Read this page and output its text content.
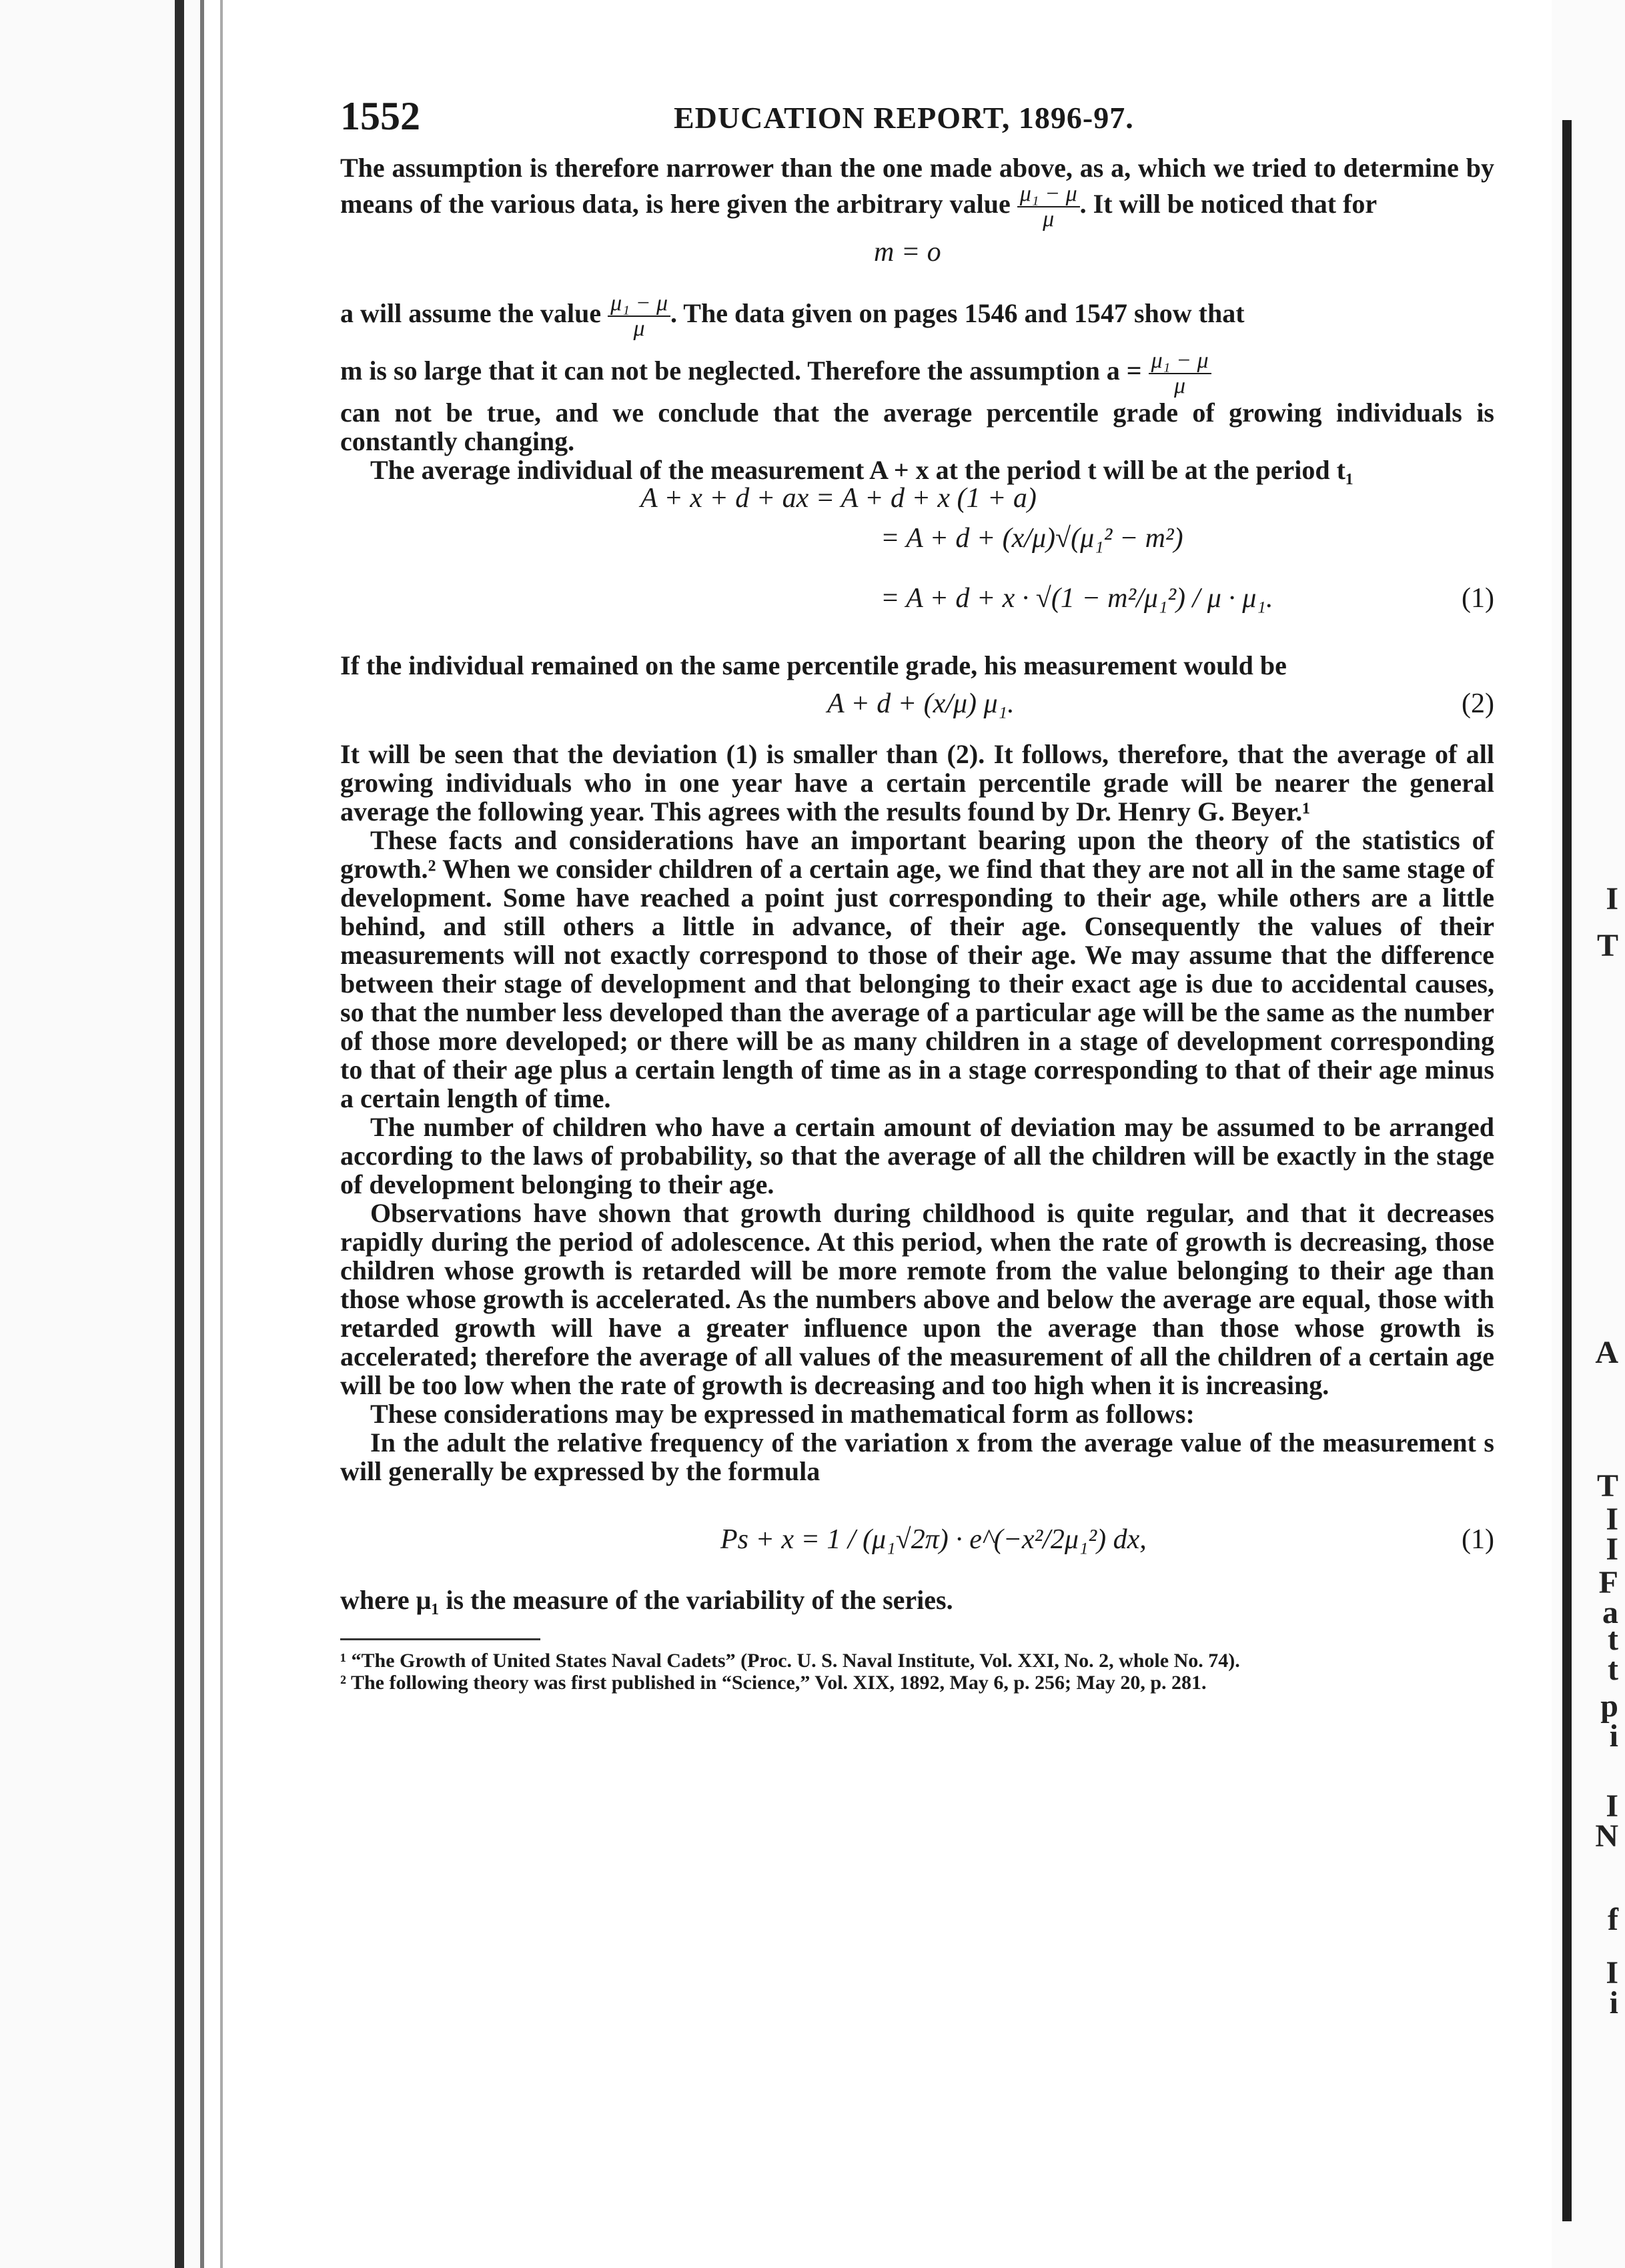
1552	EDUCATION REPORT, 1896-97.

The assumption is therefore narrower than the one made above, as a, which we tried to determine by means of the various data, is here given the arbitrary value $\frac{\text{μ₁ − μ}}{\mu}$ . It will be noticed that for

m = o

a will assume the value $\frac{\text{μ₁ − μ}}{\mu}$ . The data given on pages 1546 and 1547 show that

m is so large that it can not be neglected. Therefore the assumption $a = \frac{\text{μ₁ − μ}}{\mu}$

can not be true, and we conclude that the average percentile grade of growing individuals is constantly changing.

The average individual of the measurement A + x at the period t will be at the period t₁

A + x + d + ax = A + d + x (1 + a)
= A + d + (x/μ)√(μ₁² − m²)
= A + d + x · √(1 − m²/μ₁²) / μ · μ₁.	(1)

If the individual remained on the same percentile grade, his measurement would be

A + d + (x/μ) μ₁.	(2)

It will be seen that the deviation (1) is smaller than (2). It follows, therefore, that the average of all growing individuals who in one year have a certain percentile grade will be nearer the general average the following year. This agrees with the results found by Dr. Henry G. Beyer.¹

These facts and considerations have an important bearing upon the theory of the statistics of growth.² When we consider children of a certain age, we find that they are not all in the same stage of development. Some have reached a point just corresponding to their age, while others are a little behind, and still others a little in advance, of their age. Consequently the values of their measurements will not exactly correspond to those of their age. We may assume that the difference between their stage of development and that belonging to their exact age is due to accidental causes, so that the number less developed than the average of a particular age will be the same as the number of those more developed; or there will be as many children in a stage of development corresponding to that of their age plus a certain length of time as in a stage corresponding to that of their age minus a certain length of time.

The number of children who have a certain amount of deviation may be assumed to be arranged according to the laws of probability, so that the average of all the children will be exactly in the stage of development belonging to their age.

Observations have shown that growth during childhood is quite regular, and that it decreases rapidly during the period of adolescence. At this period, when the rate of growth is decreasing, those children whose growth is retarded will be more remote from the value belonging to their age than those whose growth is accelerated. As the numbers above and below the average are equal, those with retarded growth will have a greater influence upon the average than those whose growth is accelerated; therefore the average of all values of the measurement of all the children of a certain age will be too low when the rate of growth is decreasing and too high when it is increasing.

These considerations may be expressed in mathematical form as follows:

In the adult the relative frequency of the variation x from the average value of the measurement s will generally be expressed by the formula

Ps + x = 1 / (μ₁√2π) · e^(−x²/2μ₁²) dx,	(1)

where μ₁ is the measure of the variability of the series.

¹ “The Growth of United States Naval Cadets” (Proc. U. S. Naval Institute, Vol. XXI, No. 2, whole No. 74).
² The following theory was first published in “Science,” Vol. XIX, 1892, May 6, p. 256; May 20, p. 281.
I
T
A
T
I
I
F
a
t
t
p
i
I
N
f
I
i
